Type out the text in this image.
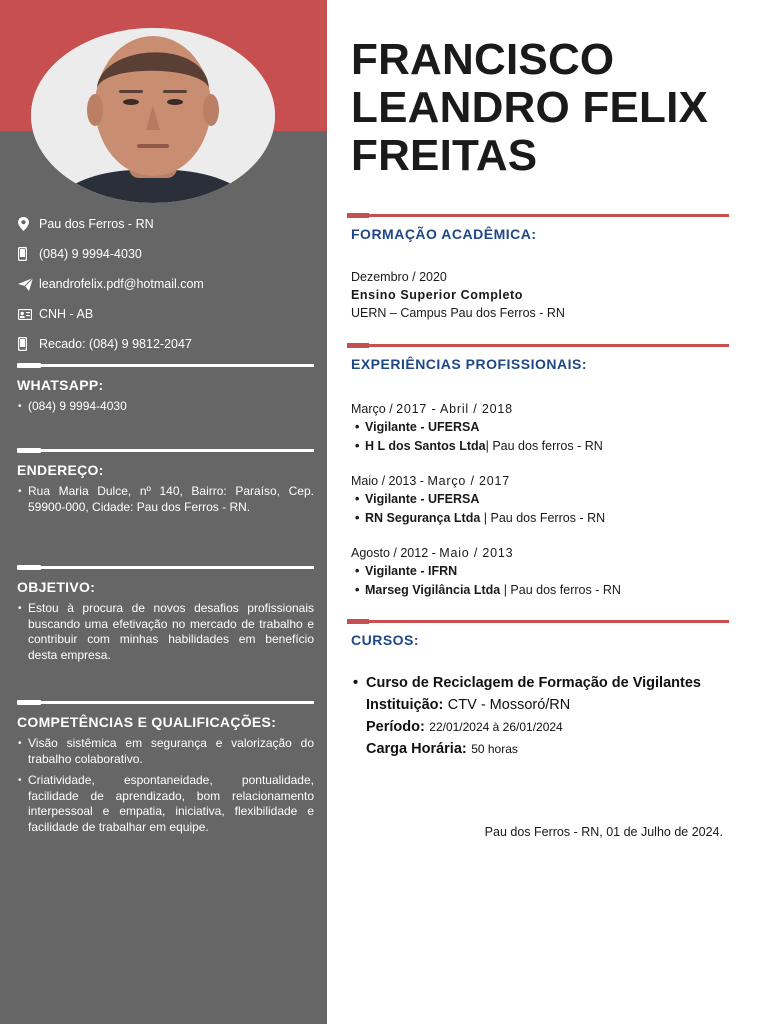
Pau dos Ferros - RN
(084) 9 9994-4030
leandrofelix.pdf@hotmail.com
CNH - AB
Recado: (084) 9 9812-2047
WHATSAPP:
• (084) 9 9994-4030
ENDEREÇO:
• Rua Maria Dulce, nº 140, Bairro: Paraíso, Cep. 59900-000, Cidade: Pau dos Ferros - RN.
OBJETIVO:
• Estou à procura de novos desafios profissionais buscando uma efetivação no mercado de trabalho e contribuir com minhas habilidades em benefício desta empresa.
COMPETÊNCIAS E QUALIFICAÇÕES:
• Visão sistêmica em segurança e valorização do trabalho colaborativo.
• Criatividade, espontaneidade, pontualidade, facilidade de aprendizado, bom relacionamento interpessoal e empatia, iniciativa, flexibilidade e facilidade de trabalhar em equipe.
FRANCISCO LEANDRO FELIX FREITAS
FORMAÇÃO ACADÊMICA:
Dezembro / 2020
Ensino Superior Completo
UERN – Campus Pau dos Ferros - RN
EXPERIÊNCIAS PROFISSIONAIS:
Março / 2017 - Abril / 2018
• Vigilante - UFERSA
• H L dos Santos Ltda| Pau dos ferros - RN
Maio / 2013 - Março / 2017
• Vigilante - UFERSA
• RN Segurança Ltda | Pau dos Ferros - RN
Agosto / 2012 - Maio / 2013
• Vigilante - IFRN
• Marseg Vigilância Ltda | Pau dos ferros - RN
CURSOS:
• Curso de Reciclagem de Formação de Vigilantes
Instituição: CTV - Mossoró/RN
Período: 22/01/2024 à 26/01/2024
Carga Horária: 50 horas
Pau dos Ferros - RN, 01 de Julho de 2024.
